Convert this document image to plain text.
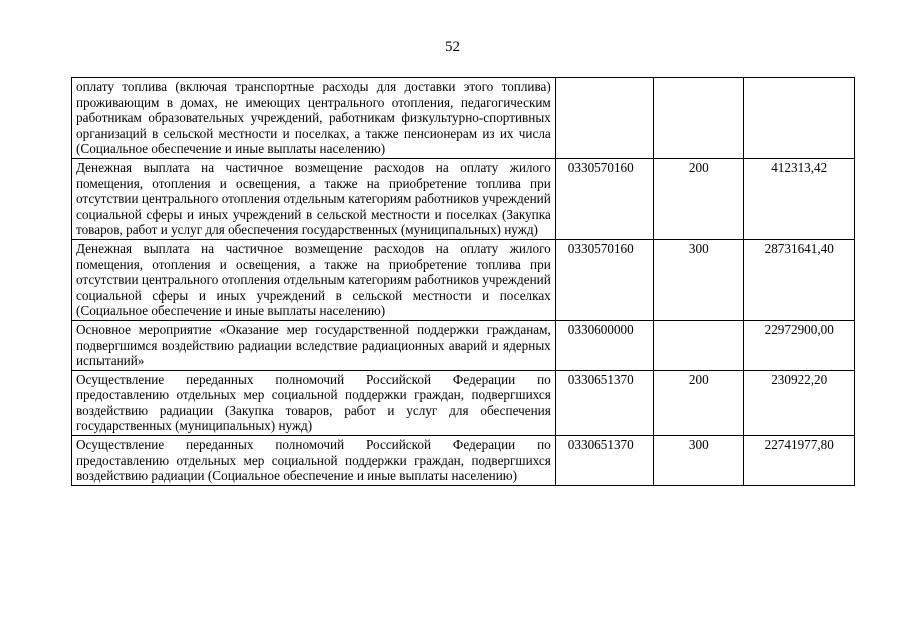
52
оплату топлива (включая транспортные расходы для доставки этого топлива) проживающим в домах, не имеющих центрального отопления, педагогическим работникам образовательных учреждений, работникам физкультурно-спортивных организаций в сельской местности и поселках, а также пенсионерам из их числа (Социальное обеспечение и иные выплаты населению)			
Денежная выплата на частичное возмещение расходов на оплату жилого помещения, отопления и освещения, а также на приобретение топлива при отсутствии центрального отопления отдельным категориям работников учреждений социальной сферы и иных учреждений в сельской местности и поселках (Закупка товаров, работ и услуг для обеспечения государственных (муниципальных) нужд)	0330570160	200	412313,42
Денежная выплата на частичное возмещение расходов на оплату жилого помещения, отопления и освещения, а также на приобретение топлива при отсутствии центрального отопления отдельным категориям работников учреждений социальной сферы и иных учреждений в сельской местности и поселках (Социальное обеспечение и иные выплаты населению)	0330570160	300	28731641,40
Основное мероприятие «Оказание мер государственной поддержки гражданам, подвергшимся воздействию радиации вследствие радиационных аварий и ядерных испытаний»	0330600000		22972900,00
Осуществление переданных полномочий Российской Федерации по предоставлению отдельных мер социальной поддержки граждан, подвергшихся воздействию радиации (Закупка товаров, работ и услуг для обеспечения государственных (муниципальных) нужд)	0330651370	200	230922,20
Осуществление переданных полномочий Российской Федерации по предоставлению отдельных мер социальной поддержки граждан, подвергшихся воздействию радиации (Социальное обеспечение и иные выплаты населению)	0330651370	300	22741977,80
